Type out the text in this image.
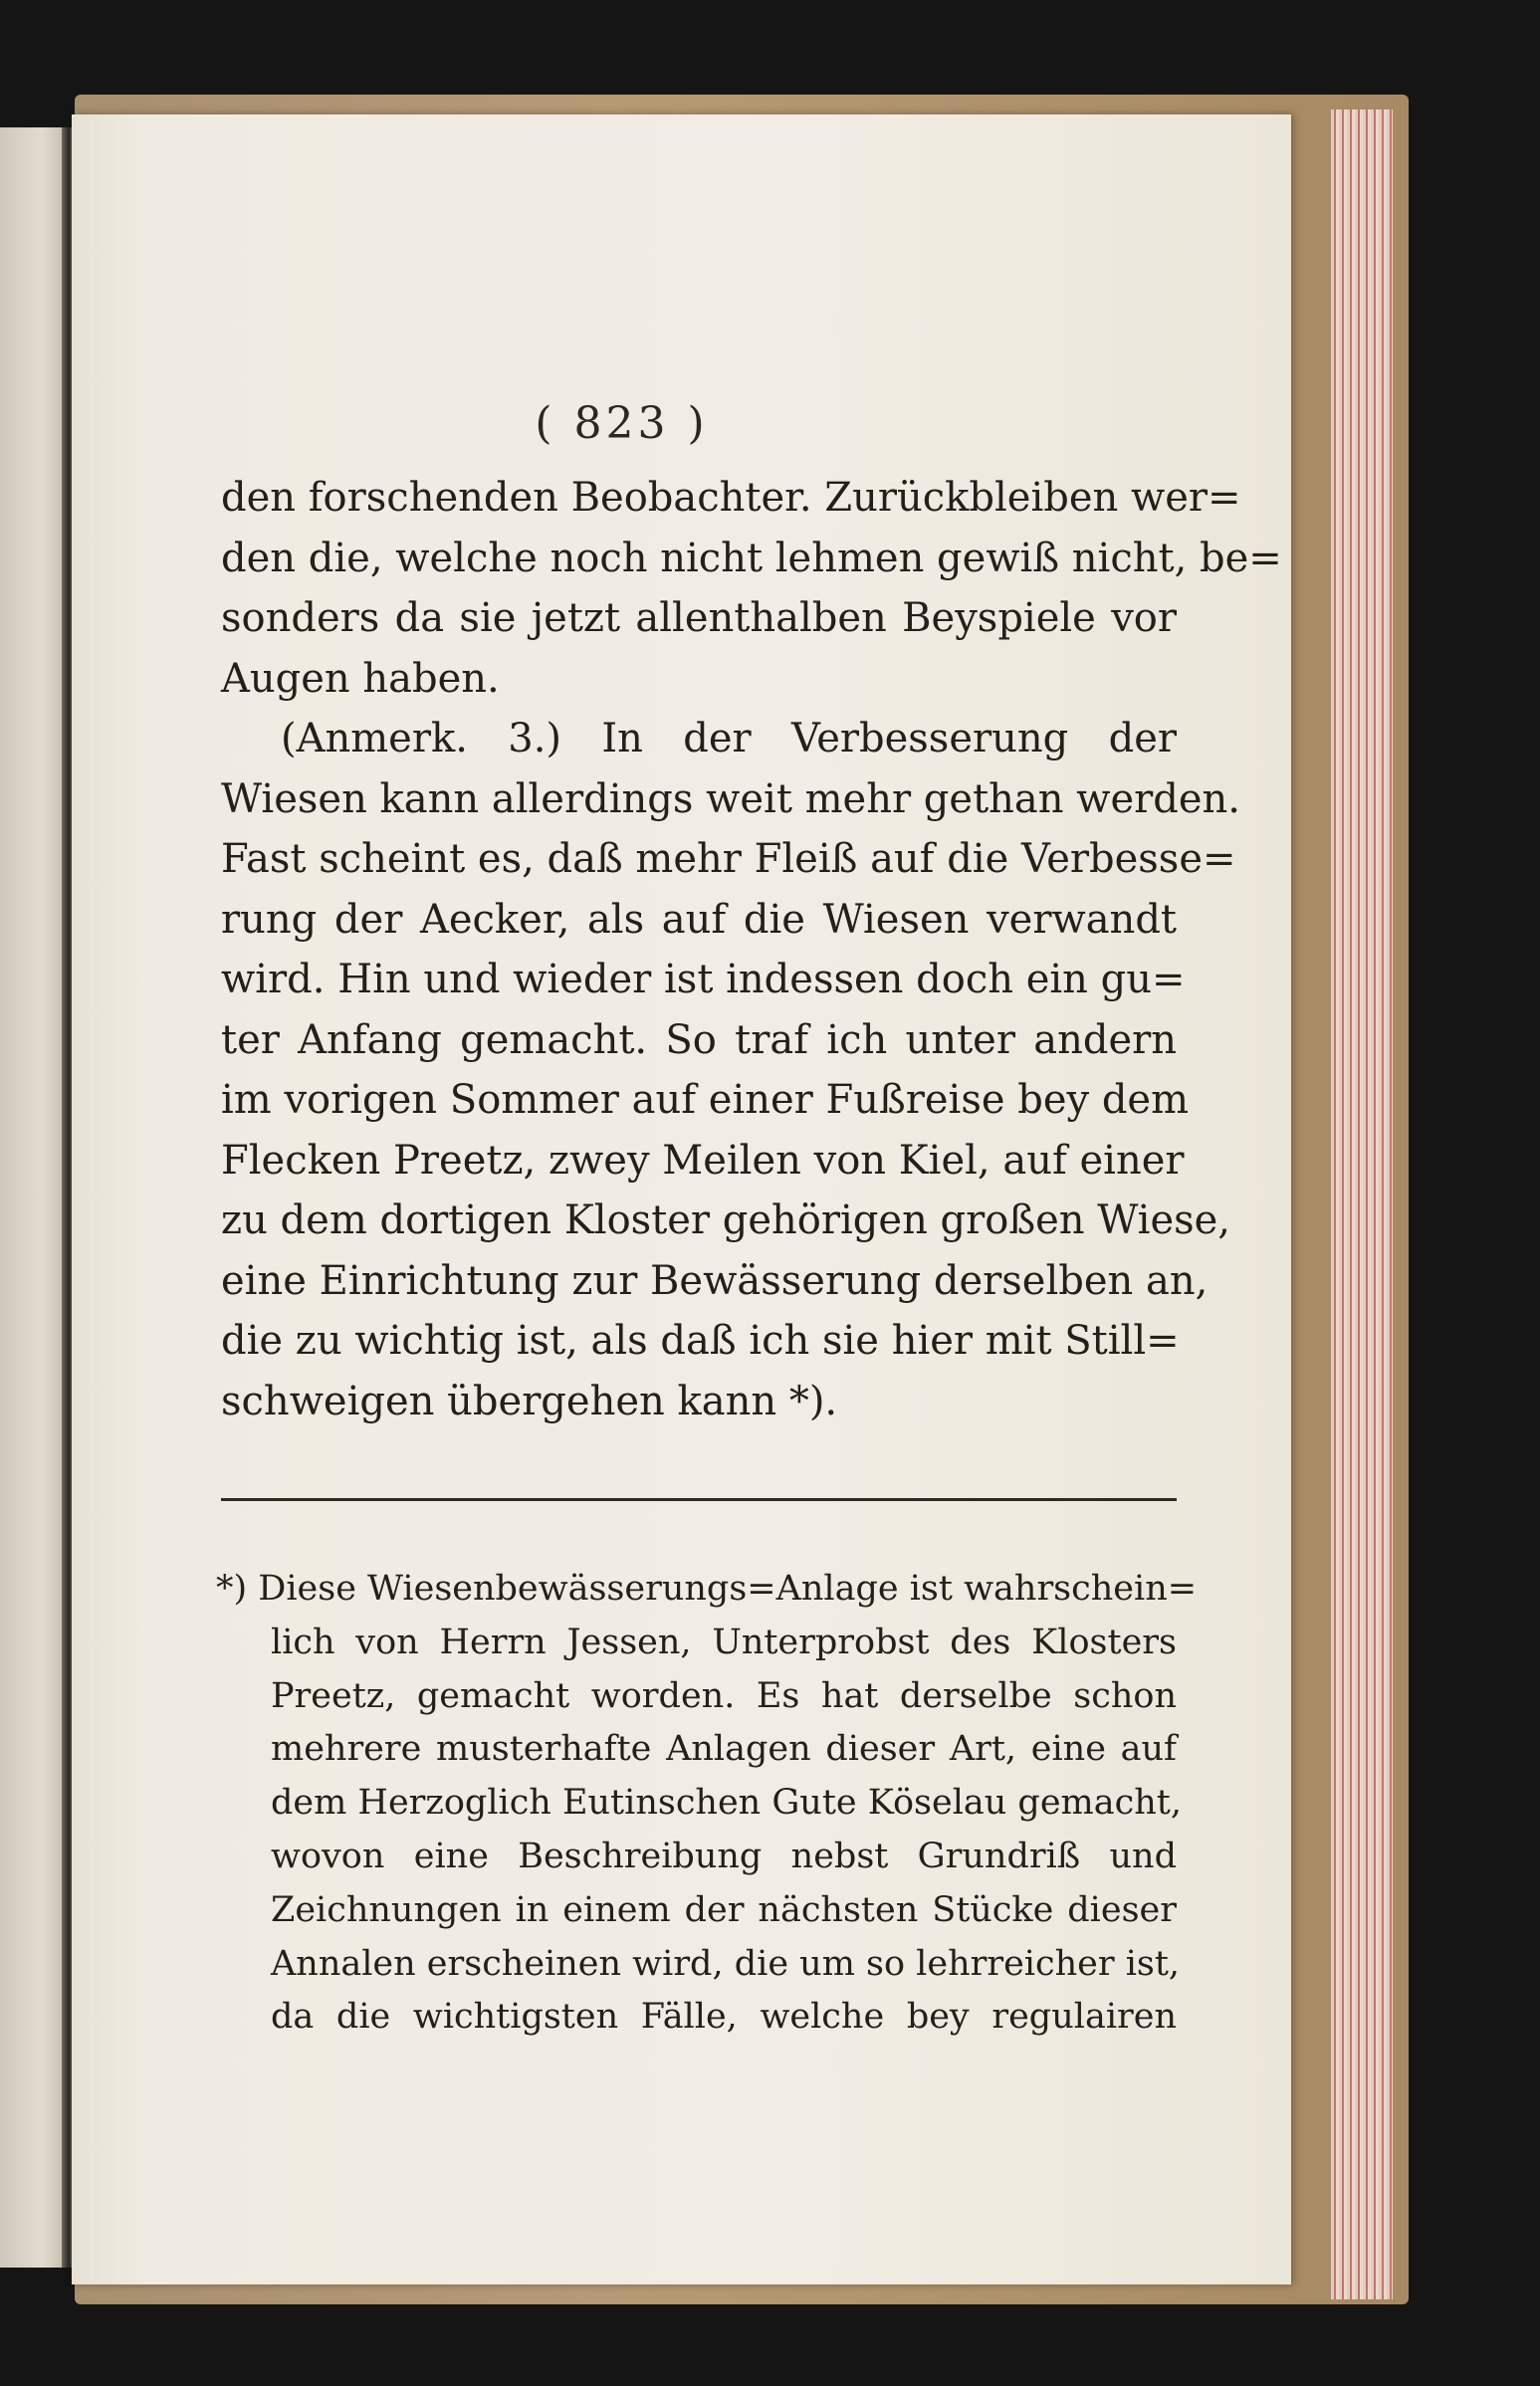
( 823 )
den forschenden Beobachter. Zurückbleiben wer=
den die, welche noch nicht lehmen gewiß nicht, be=
sonders da sie jetzt allenthalben Beyspiele vor
Augen haben.
(Anmerk. 3.) In der Verbesserung der
Wiesen kann allerdings weit mehr gethan werden.
Fast scheint es, daß mehr Fleiß auf die Verbesse=
rung der Aecker, als auf die Wiesen verwandt
wird. Hin und wieder ist indessen doch ein gu=
ter Anfang gemacht. So traf ich unter andern
im vorigen Sommer auf einer Fußreise bey dem
Flecken Preetz, zwey Meilen von Kiel, auf einer
zu dem dortigen Kloster gehörigen großen Wiese,
eine Einrichtung zur Bewässerung derselben an,
die zu wichtig ist, als daß ich sie hier mit Still=
schweigen übergehen kann *).
*) Diese Wiesenbewässerungs=Anlage ist wahrschein=
lich von Herrn Jessen, Unterprobst des Klosters
Preetz, gemacht worden. Es hat derselbe schon
mehrere musterhafte Anlagen dieser Art, eine auf
dem Herzoglich Eutinschen Gute Köselau gemacht,
wovon eine Beschreibung nebst Grundriß und
Zeichnungen in einem der nächsten Stücke dieser
Annalen erscheinen wird, die um so lehrreicher ist,
da die wichtigsten Fälle, welche bey regulairen
